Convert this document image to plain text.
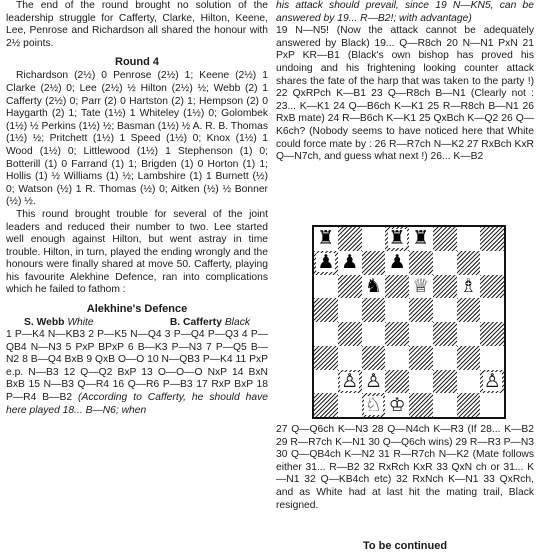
The end of the round brought no solution of the leadership struggle for Cafferty, Clarke, Hilton, Keene, Lee, Penrose and Richardson all shared the honour with 2½ points.

Round 4

Richardson (2½) 0 Penrose (2½) 1; Keene (2½) 1 Clarke (2½) 0; Lee (2½) ½ Hilton (2½) ½; Webb (2) 1 Cafferty (2½) 0; Parr (2) 0 Hartston (2) 1; Hempson (2) 0 Haygarth (2) 1; Tate (1½) 1 Whiteley (1½) 0; Golombek (1½) ½ Perkins (1½) ½; Basman (1½) ½ A. R. B. Thomas (1½) ½; Pritchett (1½) 1 Speed (1½) 0; Knox (1½) 1 Wood (1½) 0; Littlewood (1½) 1 Stephenson (1) 0; Botterill (1) 0 Farrand (1) 1; Brigden (1) 0 Horton (1) 1; Hollis (1) ½ Williams (1) ½; Lambshire (1) 1 Burnett (½) 0; Watson (½) 1 R. Thomas (½) 0; Aitken (½) ½ Bonner (½) ½.

This round brought trouble for several of the joint leaders and reduced their number to two. Lee started well enough against Hilton, but went astray in time trouble. Hilton, in turn, played the ending wrongly and the honours were finally shared at move 50. Cafferty, playing his favourite Alekhine Defence, ran into complications which he failed to fathom :

Alekhine's Defence
S. Webb White	B. Cafferty Black

1 P—K4 N—KB3 2 P—K5 N—Q4 3 P—Q4 P—Q3 4 P—QB4 N—N3 5 PxP BPxP 6 B—K3 P—N3 7 P—Q5 B—N2 8 B—Q4 BxB 9 QxB O—O 10 N—QB3 P—K4 11 PxP e.p. N—B3 12 Q—Q2 BxP 13 O—O—O NxP 14 BxN BxB 15 N—B3 Q—R4 16 Q—R6 P—B3 17 RxP BxP 18 P—R4 B—B2 (According to Cafferty, he should have here played 18... B—N6; when

his attack should prevail, since 19 N—KN5, can be answered by 19... R—B2!; with advantage)

19 N—N5! (Now the attack cannot be adequately answered by Black) 19... Q—R8ch 20 N—N1 PxN 21 PxP KR—B1 (Black's own bishop has proved his undoing and his frightening looking counter attack shares the fate of the harp that was taken to the party !) 22 QxRPch K—B1 23 Q—R8ch B—N1 (Clearly not : 23... K—K1 24 Q—B6ch K—K1 25 R—R8ch B—N1 26 RxB mate) 24 R—B6ch K—K1 25 QxBch K—Q2 26 Q—K6ch? (Nobody seems to have noticed here that White could force mate by : 26 R—R7ch N—K2 27 RxBch KxR Q—N7ch, and guess what next !) 26... K—B2

♜	♜ ♜
♟ ♟ ♟
♞ ♕ ♗
♙ ♙	♙
♘ ♔

27 Q—Q6ch K—N3 28 Q—N4ch K—R3 (If 28... K—B2 29 R—R7ch K—N1 30 Q—Q6ch wins) 29 R—R3 P—N3 30 Q—QB4ch K—N2 31 R—R7ch N—K2 (Mate follows either 31... R—B2 32 RxRch KxR 33 QxN ch or 31... K—N1 32 Q—KB4ch etc) 32 RxNch K—N1 33 QxRch, and as White had at last hit the mating trail, Black resigned.

To be continued
